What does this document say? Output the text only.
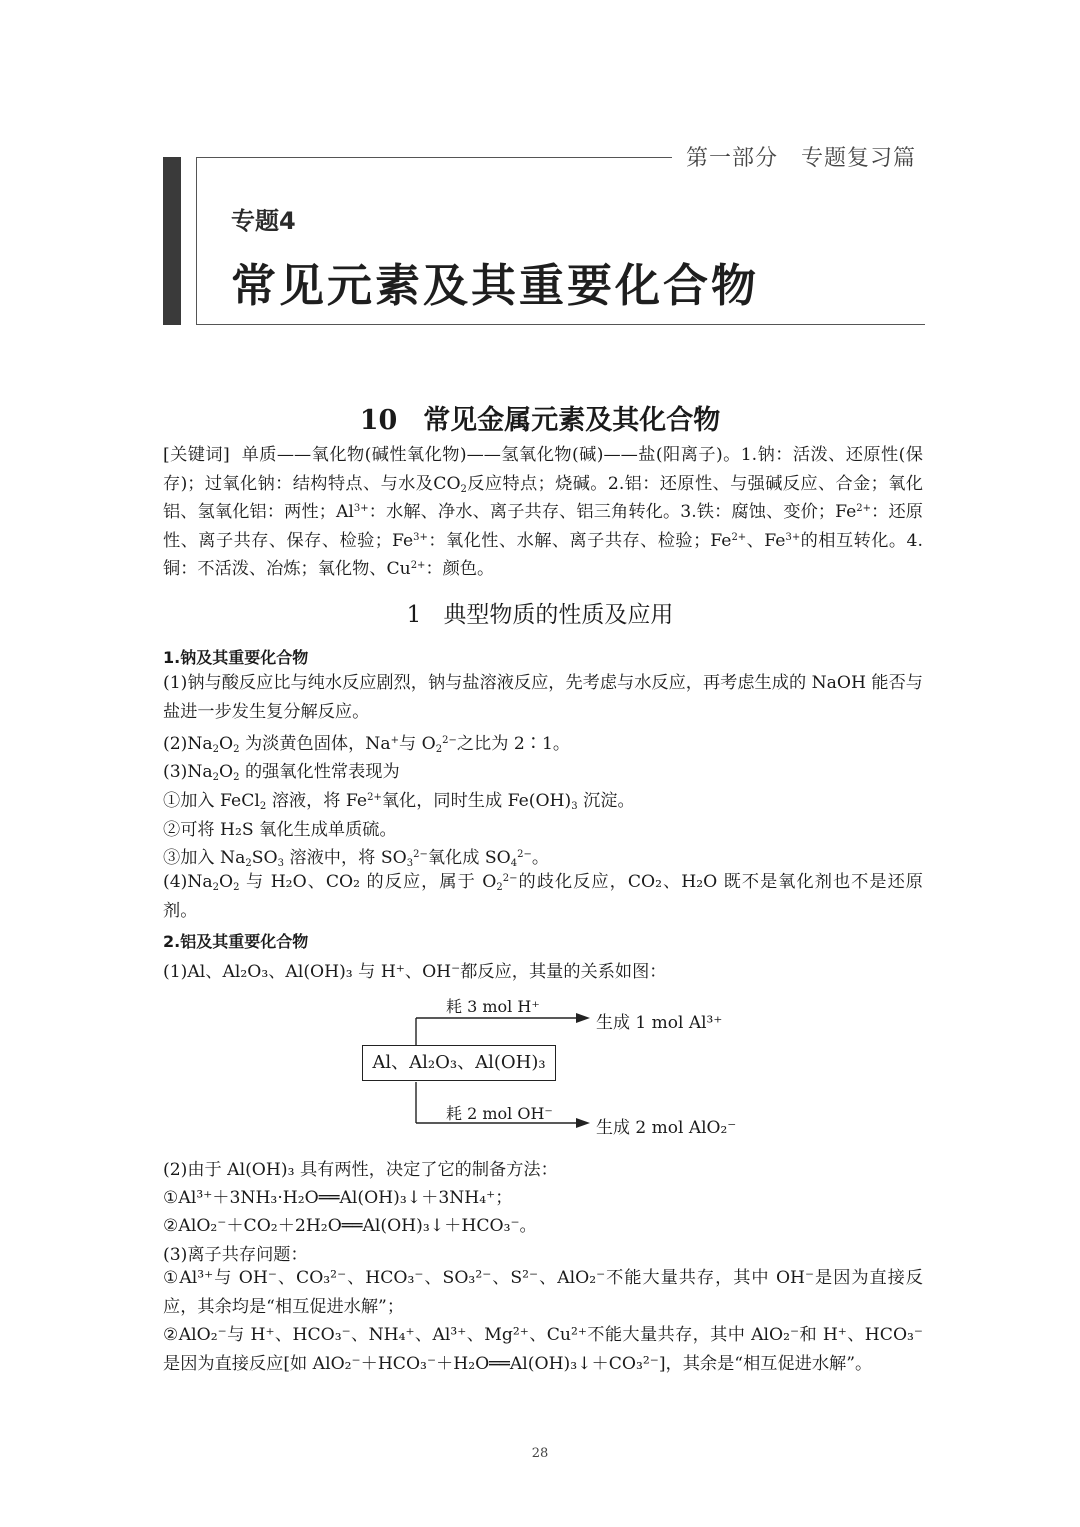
第一部分　专题复习篇
专题4
常见元素及其重要化合物
10 常见金属元素及其化合物
[关键词] 单质——氧化物(碱性氧化物)——氢氧化物(碱)——盐(阳离子)。1.钠：活泼、还原性(保存)；过氧化钠：结构特点、与水及$CO_2$反应特点；烧碱。2.铝：还原性、与强碱反应、合金；氧化铝、氢氧化铝：两性；$Al^{3+}$：水解、净水、离子共存、铝三角转化。3.铁：腐蚀、变价；$Fe^{2+}$：还原性、离子共存、保存、检验；$Fe^{3+}$：氧化性、水解、离子共存、检验；$Fe^{2+}$、$Fe^{3+}$的相互转化。4.铜：不活泼、冶炼；氧化物、$Cu^{2+}$：颜色。
1 典型物质的性质及应用
1.钠及其重要化合物
(1)钠与酸反应比与纯水反应剧烈，钠与盐溶液反应，先考虑与水反应，再考虑生成的 NaOH 能否与盐进一步发生复分解反应。
$(2)Na_2O_2$ 为淡黄色固体，Na+与 $O_2^{2-}$之比为 2∶1。
$(3)Na_2O_2$ 的强氧化性常表现为
①加入 FeCl$_2$ 溶液，将 $Fe^{2+}$氧化，同时生成 $Fe(OH)_3$ 沉淀。
②可将 H₂S 氧化生成单质硫。
③加入 $Na_2SO_3$ 溶液中，将 $SO_3^{2-}$氧化成 $SO_4^{2-}$。
$(4)Na_2O_2$ 与 H₂O、CO₂ 的反应，属于 $O_2^{2-}$的歧化反应，CO₂、H₂O 既不是氧化剂也不是还原剂。
2.铝及其重要化合物
(1)Al、Al₂O₃、Al(OH)₃ 与 H⁺、OH⁻都反应，其量的关系如图：
耗 3 mol H⁺
生成 1 mol Al³⁺
Al、Al₂O₃、Al(OH)₃
耗 2 mol OH⁻
生成 2 mol AlO₂⁻
(2)由于 Al(OH)₃ 具有两性，决定了它的制备方法：
①Al³⁺＋3NH₃·H₂O══Al(OH)₃↓＋3NH₄⁺；
②AlO₂⁻＋CO₂＋2H₂O══Al(OH)₃↓＋HCO₃⁻。
(3)离子共存问题：
①Al³⁺与 OH⁻、CO₃²⁻、HCO₃⁻、SO₃²⁻、S²⁻、AlO₂⁻不能大量共存，其中 OH⁻是因为直接反应，其余均是“相互促进水解”；
②AlO₂⁻与 H⁺、HCO₃⁻、NH₄⁺、Al³⁺、Mg²⁺、Cu²⁺不能大量共存，其中 AlO₂⁻和 H⁺、HCO₃⁻是因为直接反应[如 AlO₂⁻＋HCO₃⁻＋H₂O══Al(OH)₃↓＋CO₃²⁻]，其余是“相互促进水解”。
28
